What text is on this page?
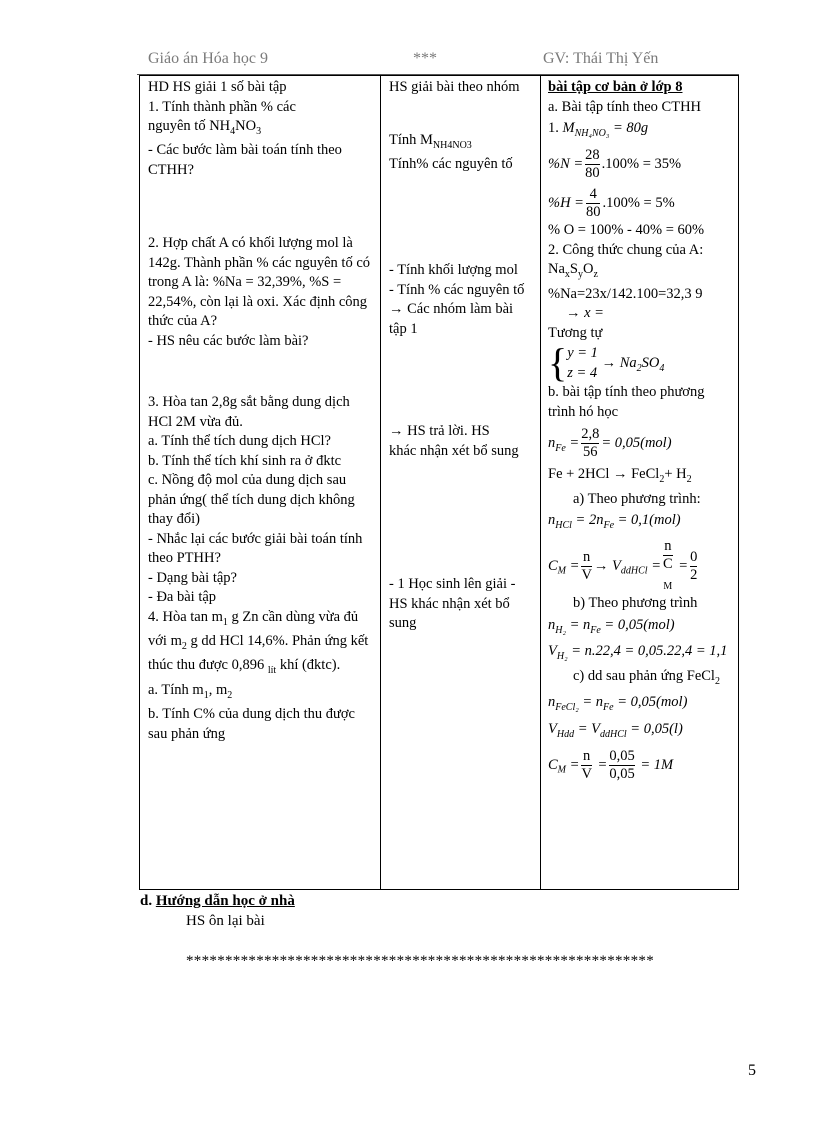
Giáo án Hóa học 9	***	GV: Thái Thị Yến
HD HS giải 1 số bài tập
1. Tính thành phần % các
nguyên tố $NH_4NO_3$
- Các bước làm bài toán tính theo CTHH?
2. Hợp chất A có khối lượng mol là 142g. Thành phần % các nguyên tố có trong A là: %Na = 32,39%, %S = 22,54%, còn lại là oxi. Xác định công thức của A?
- HS nêu các bước làm bài?
3. Hòa tan 2,8g sắt bằng dung dịch HCl 2M vừa đủ.
a. Tính thể tích dung dịch HCl?
b. Tính thể tích khí sinh ra ở đktc
c. Nồng độ mol của dung dịch sau phản ứng( thể tích dung dịch không thay đổi)
- Nhắc lại các bước giải bài toán tính theo PTHH?
- Dạng bài tập?
- Đa bài tập
4. Hòa $\tan m_1$ g Zn cần dùng vừa đủ với $m_2$ g dd HCl 14,6%. Phản ứng kết thúc thu được 0,896 $_{lít}$ khí (đktc).
a. Tính $m_1$, $m_2$
b. Tính C% của dung dịch thu được sau phản ứng
HS giải bài theo nhóm
Tính $M_{NH4NO3}$
Tính% các nguyên tố
- Tính khối lượng mol
- Tính % các nguyên tố
→ Các nhóm làm bài tập 1
→ HS trả lời. HS
khác nhận xét bổ sung
- 1 Học sinh lên giải - HS khác nhận xét bổ sung
bài tập cơ bản ở lớp 8
a. Bài tập tính theo CTHH
1. $M_{NH_4NO_3} = 80g$
$\%N = \frac{28}{80} .100\% = 35\%$
$\%H = \frac{4}{80} .100\% = 5\%$
% O = 100% - 40% = 60%
2. Công thức chung của A: $Na_xS_yO_z$
%Na=23x/142.100=32,3 9
→ x =
Tương tự
{ y = 1
z = 4
→ $Na_2SO_4$
b. bài tập tính theo phương trình hó học
$n_{Fe} = \frac{2,8}{56} = 0,05(mol)$
Fe + 2HCl → FeCl$_2$+ $H_2$
a) Theo phương trình:
$n_{HCl} = 2n_{Fe} = 0,1(mol)$
$C_M = \frac{n}{V} \to V_{ddHCl} = n$
C
$_M = \frac{0}{2}$
b) Theo phương trình
$n_{H_2} = n_{Fe} = 0,05(mol)$
$V_{H_2} = n.22,4 = 0,05.22,4 = 1,1$
c) dd sau phản ứng FeCl$_2$
$n_{FeCl_2} = n_{Fe} = 0,05(mol)$
$V_{Hdd} = V_{ddHCl} = 0,05(l)$
$C_M = \frac{n}{V} = \frac{0,05}{0,05} = 1M$
d. Hướng dẫn học ở nhà
HS ôn lại bài
************************************************************
5
